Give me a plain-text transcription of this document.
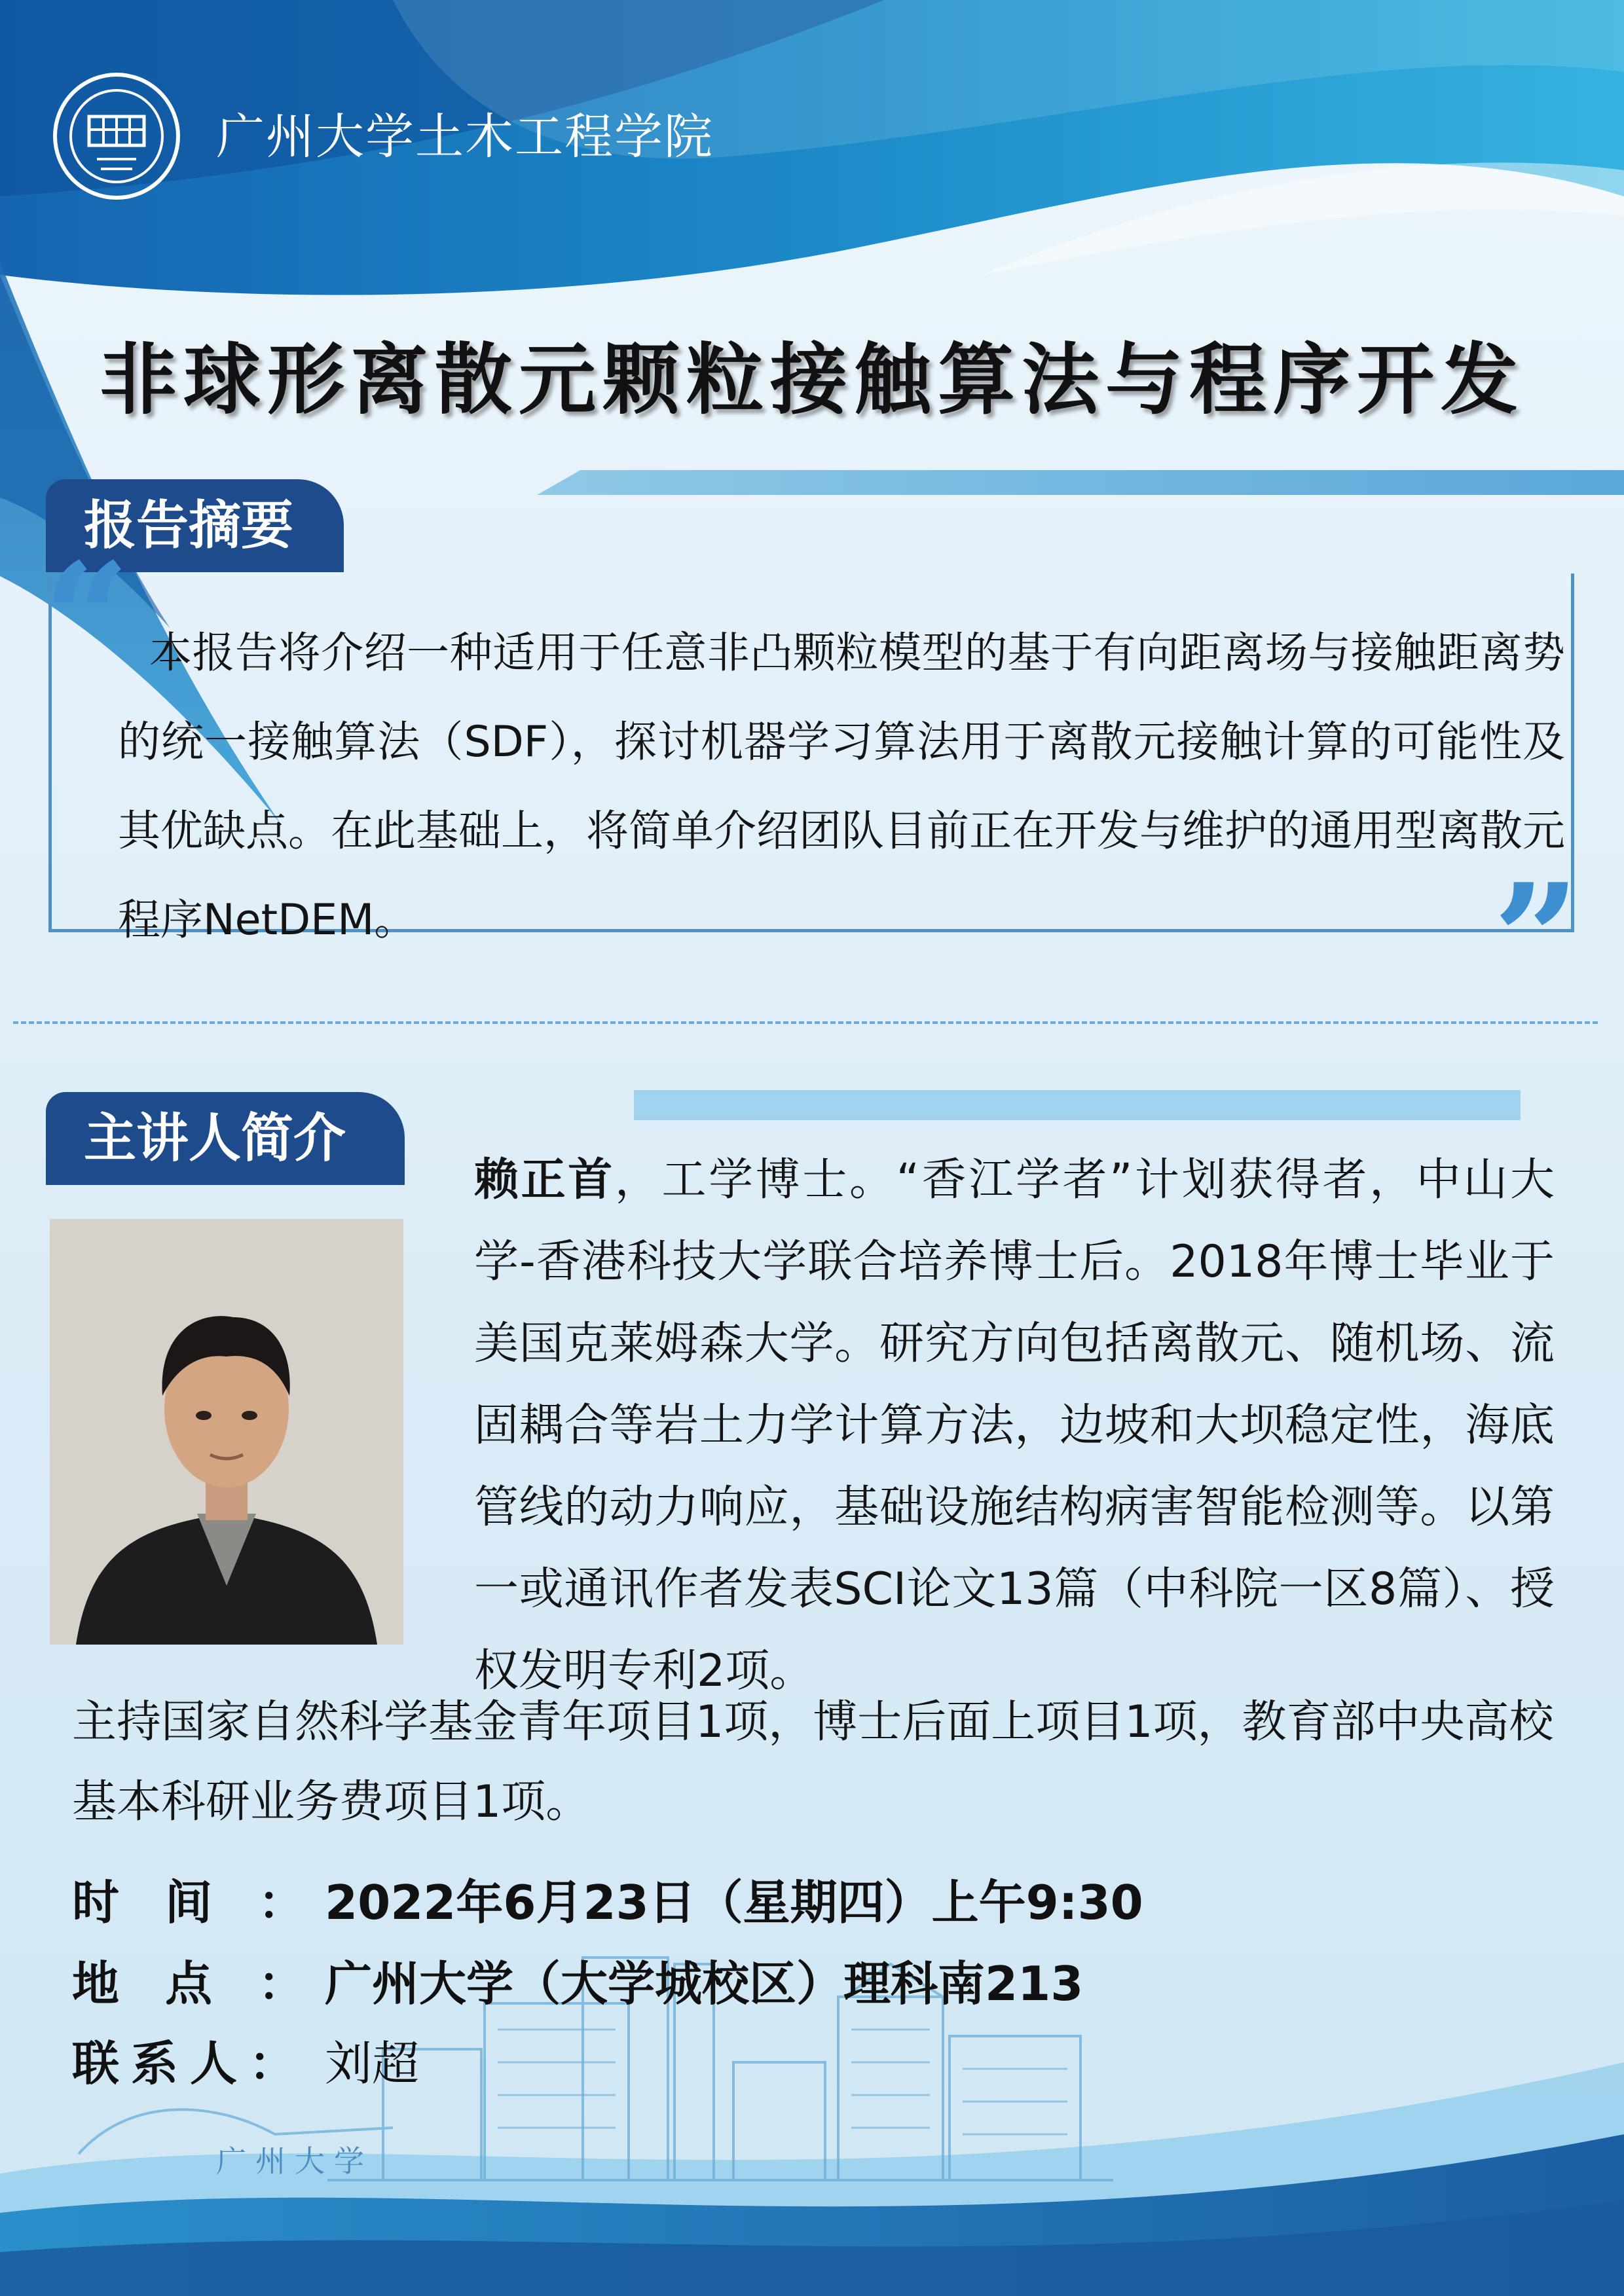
广州大学土木工程学院
非球形离散元颗粒接触算法与程序开发
报告摘要
“ 本报告将介绍一种适用于任意非凸颗粒模型的基于有向距离场与接触距离势的统一接触算法（SDF），探讨机器学习算法用于离散元接触计算的可能性及其优缺点。在此基础上，将简单介绍团队目前正在开发与维护的通用型离散元程序NetDEM。	”
主讲人简介
赖正首，工学博士。“香江学者”计划获得者，中山大学-香港科技大学联合培养博士后。2018年博士毕业于美国克莱姆森大学。研究方向包括离散元、随机场、流固耦合等岩土力学计算方法，边坡和大坝稳定性，海底管线的动力响应，基础设施结构病害智能检测等。以第一或通讯作者发表SCI论文13篇（中科院一区8篇）、授权发明专利2项。
主持国家自然科学基金青年项目1项，博士后面上项目1项，教育部中央高校基本科研业务费项目1项。
时间：
2022年6月23日（星期四）上午9:30
地点：
广州大学（大学城校区）理科南213
联系人： 刘超
广州大学
